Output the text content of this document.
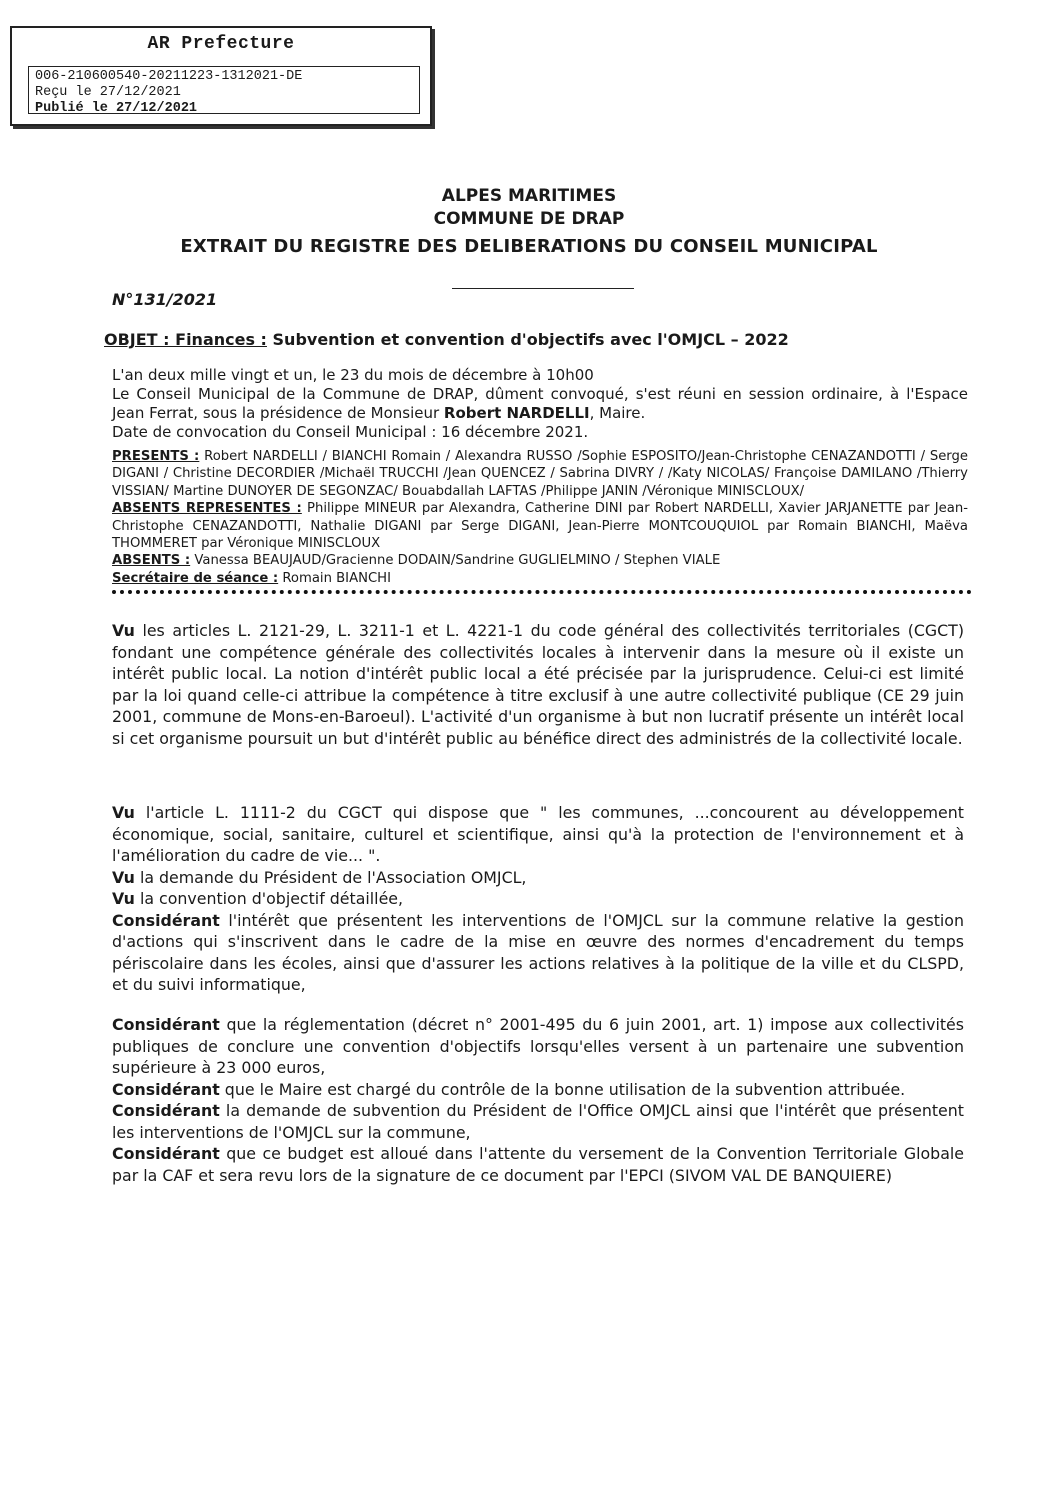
AR Prefecture
006-210600540-20211223-1312021-DE
Reçu le 27/12/2021
Publié le 27/12/2021
ALPES MARITIMES
COMMUNE DE DRAP
EXTRAIT DU REGISTRE DES DELIBERATIONS DU CONSEIL MUNICIPAL
N°131/2021
OBJET : Finances : Subvention et convention d'objectifs avec l'OMJCL – 2022

L'an deux mille vingt et un, le 23 du mois de décembre à 10h00

Le Conseil Municipal de la Commune de DRAP, dûment convoqué, s'est réuni en session ordinaire, à l'Espace Jean Ferrat, sous la présidence de Monsieur Robert NARDELLI, Maire.

Date de convocation du Conseil Municipal : 16 décembre 2021.

PRESENTS : Robert NARDELLI / BIANCHI Romain / Alexandra RUSSO /Sophie ESPOSITO/Jean-Christophe CENAZANDOTTI / Serge DIGANI / Christine DECORDIER /Michaël TRUCCHI /Jean QUENCEZ / Sabrina DIVRY / /Katy NICOLAS/ Françoise DAMILANO /Thierry VISSIAN/ Martine DUNOYER DE SEGONZAC/ Bouabdallah LAFTAS /Philippe JANIN /Véronique MINISCLOUX/

ABSENTS REPRESENTES : Philippe MINEUR par Alexandra, Catherine DINI par Robert NARDELLI, Xavier JARJANETTE par Jean-Christophe CENAZANDOTTI, Nathalie DIGANI par Serge DIGANI, Jean-Pierre MONTCOUQUIOL par Romain BIANCHI, Maëva THOMMERET par Véronique MINISCLOUX

ABSENTS : Vanessa BEAUJAUD/Gracienne DODAIN/Sandrine GUGLIELMINO / Stephen VIALE

Secrétaire de séance : Romain BIANCHI

Vu les articles L. 2121-29, L. 3211-1 et L. 4221-1 du code général des collectivités territoriales (CGCT) fondant une compétence générale des collectivités locales à intervenir dans la mesure où il existe un intérêt public local. La notion d'intérêt public local a été précisée par la jurisprudence. Celui-ci est limité par la loi quand celle-ci attribue la compétence à titre exclusif à une autre collectivité publique (CE 29 juin 2001, commune de Mons-en-Baroeul). L'activité d'un organisme à but non lucratif présente un intérêt local si cet organisme poursuit un but d'intérêt public au bénéfice direct des administrés de la collectivité locale.

Vu l'article L. 1111-2 du CGCT qui dispose que " les communes, ...concourent au développement économique, social, sanitaire, culturel et scientifique, ainsi qu'à la protection de l'environnement et à l'amélioration du cadre de vie... ".

Vu la demande du Président de l'Association OMJCL,

Vu la convention d'objectif détaillée,

Considérant l'intérêt que présentent les interventions de l'OMJCL sur la commune relative la gestion d'actions qui s'inscrivent dans le cadre de la mise en œuvre des normes d'encadrement du temps périscolaire dans les écoles, ainsi que d'assurer les actions relatives à la politique de la ville et du CLSPD, et du suivi informatique,

Considérant que la réglementation (décret n° 2001-495 du 6 juin 2001, art. 1) impose aux collectivités publiques de conclure une convention d'objectifs lorsqu'elles versent à un partenaire une subvention supérieure à 23 000 euros,

Considérant que le Maire est chargé du contrôle de la bonne utilisation de la subvention attribuée.

Considérant la demande de subvention du Président de l'Office OMJCL ainsi que l'intérêt que présentent les interventions de l'OMJCL sur la commune,

Considérant que ce budget est alloué dans l'attente du versement de la Convention Territoriale Globale par la CAF et sera revu lors de la signature de ce document par l'EPCI (SIVOM VAL DE BANQUIERE)
